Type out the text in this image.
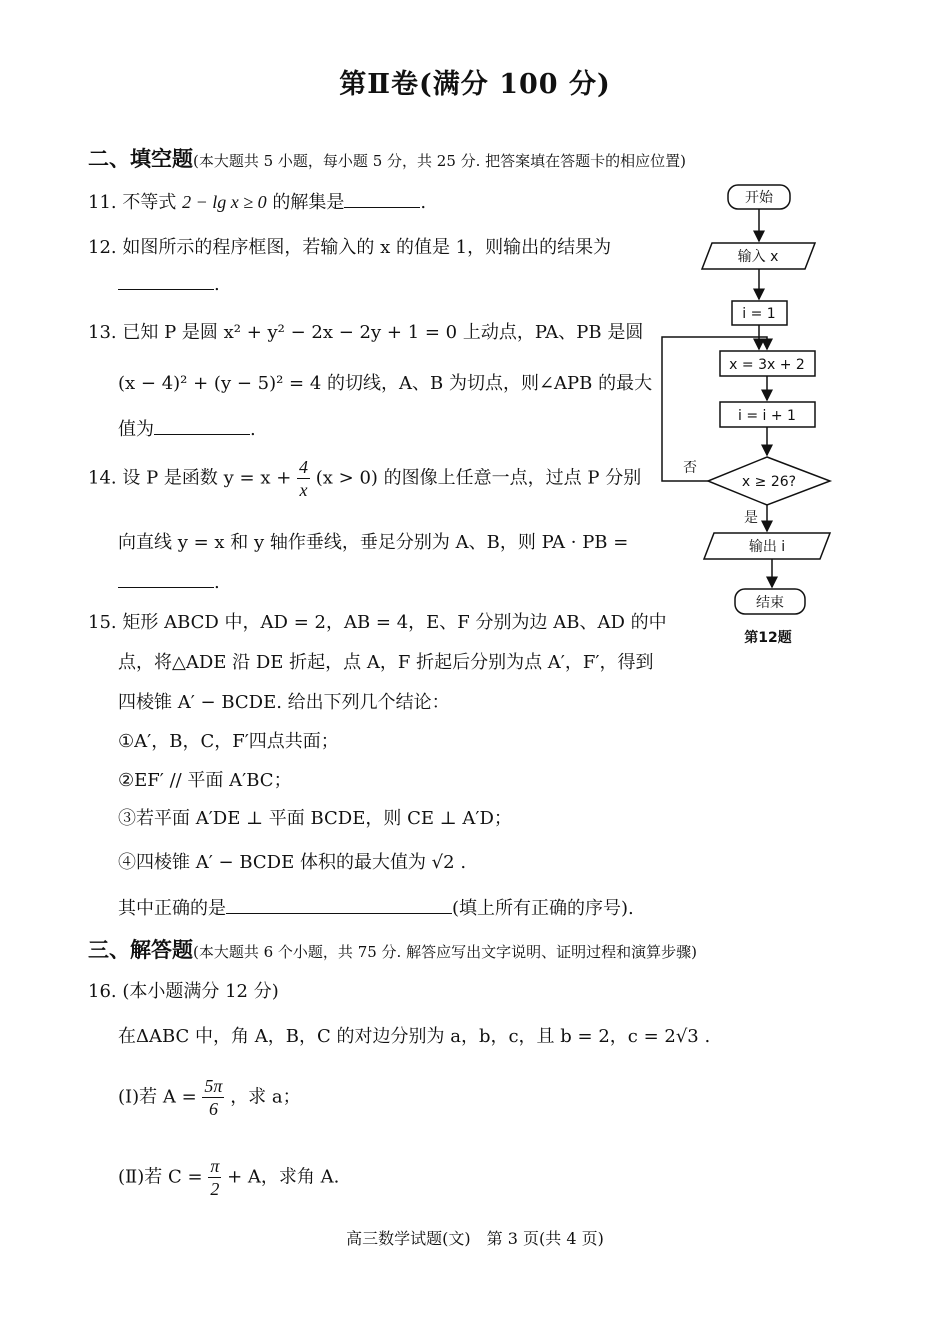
第Ⅱ卷(满分 100 分)
二、填空题(本大题共 5 小题，每小题 5 分，共 25 分. 把答案填在答题卡的相应位置)
11. 不等式 2 − lg x ≥ 0 的解集是	.
12. 如图所示的程序框图，若输入的 x 的值是 1，则输出的结果为
.
13. 已知 P 是圆 x² + y² − 2x − 2y + 1 = 0 上动点，PA、PB 是圆
(x − 4)² + (y − 5)² = 4 的切线，A、B 为切点，则∠APB 的最大
值为	.
14. 设 P 是函数 $y = x + \frac{4}{x} (x > 0)$ 的图像上任意一点，过点 P 分别
向直线 y = x 和 y 轴作垂线，垂足分别为 A、B，则 PA · PB =
.
15. 矩形 ABCD 中，AD = 2，AB = 4，E、F 分别为边 AB、AD 的中
点，将△ADE 沿 DE 折起，点 A，F 折起后分别为点 A′，F′，得到
四棱锥 A′ − BCDE. 给出下列几个结论：
①A′，B，C，F′四点共面；
②EF′ // 平面 A′BC；
③若平面 A′DE ⊥ 平面 BCDE，则 CE ⊥ A′D；
④四棱锥 A′ − BCDE 体积的最大值为 √2 .
其中正确的是	(填上所有正确的序号).
三、解答题(本大题共 6 个小题，共 75 分. 解答应写出文字说明、证明过程和演算步骤)
16. (本小题满分 12 分)
在ΔABC 中，角 A，B，C 的对边分别为 a，b，c，且 b = 2，c = 2√3 .
(Ⅰ)若 $A = \frac{5\pi}{6}$ ，求 a；
(Ⅱ)若 $C = \frac{\pi}{2} + A$，求角 A.
开始
输入 x
i = 1
x = 3x + 2
i = i + 1
x ≥ 26?
否
是
输出 i
结束
第12题
高三数学试题(文)　第 3 页(共 4 页)
